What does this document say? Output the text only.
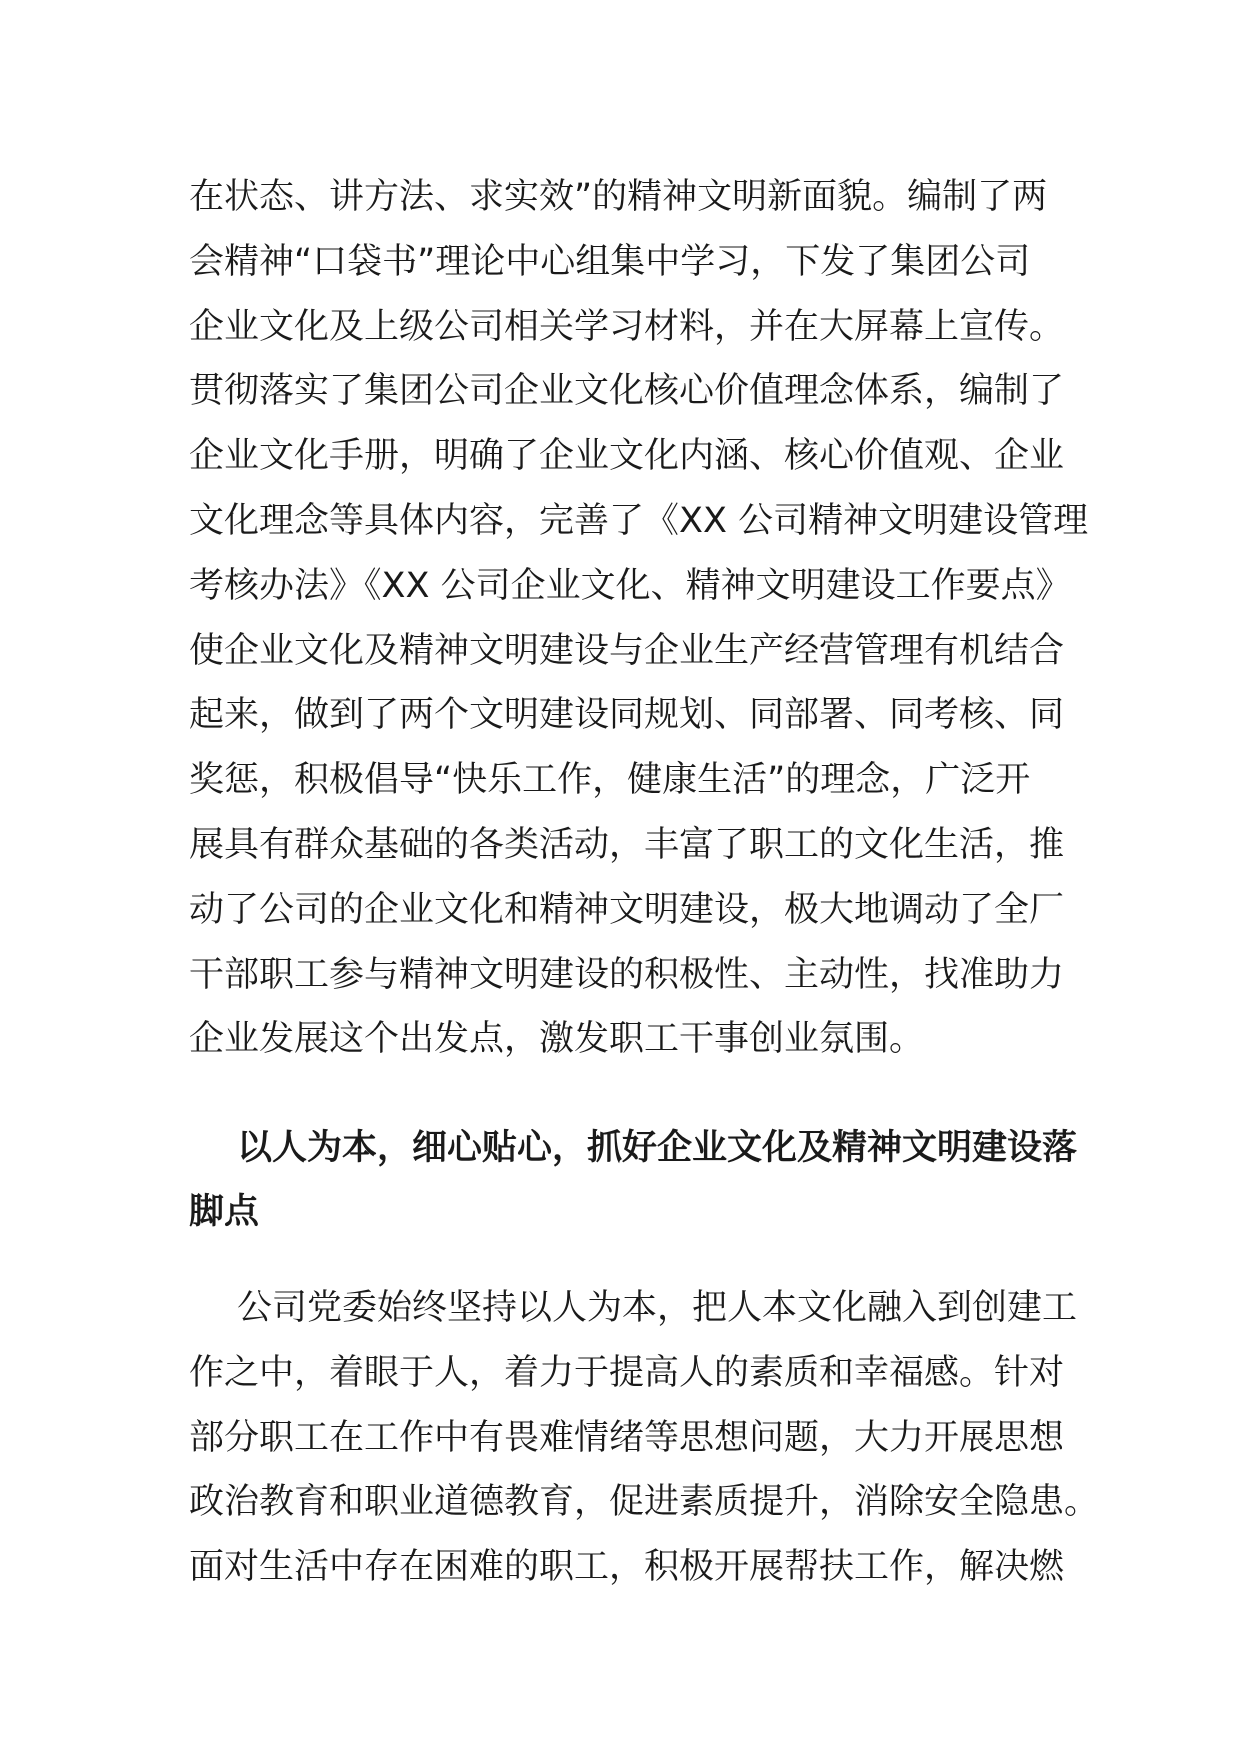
在状态、讲方法、求实效”的精神文明新面貌。编制了两
会精神“口袋书”理论中心组集中学习，下发了集团公司
企业文化及上级公司相关学习材料，并在大屏幕上宣传。
贯彻落实了集团公司企业文化核心价值理念体系，编制了
企业文化手册，明确了企业文化内涵、核心价值观、企业
文化理念等具体内容，完善了《XX 公司精神文明建设管理
考核办法》《XX 公司企业文化、精神文明建设工作要点》
使企业文化及精神文明建设与企业生产经营管理有机结合
起来，做到了两个文明建设同规划、同部署、同考核、同
奖惩，积极倡导“快乐工作，健康生活”的理念，广泛开
展具有群众基础的各类活动，丰富了职工的文化生活，推
动了公司的企业文化和精神文明建设，极大地调动了全厂
干部职工参与精神文明建设的积极性、主动性，找准助力
企业发展这个出发点，激发职工干事创业氛围。
以人为本，细心贴心，抓好企业文化及精神文明建设落
脚点
公司党委始终坚持以人为本，把人本文化融入到创建工
作之中，着眼于人，着力于提高人的素质和幸福感。针对
部分职工在工作中有畏难情绪等思想问题，大力开展思想
政治教育和职业道德教育，促进素质提升，消除安全隐患。
面对生活中存在困难的职工，积极开展帮扶工作，解决燃
